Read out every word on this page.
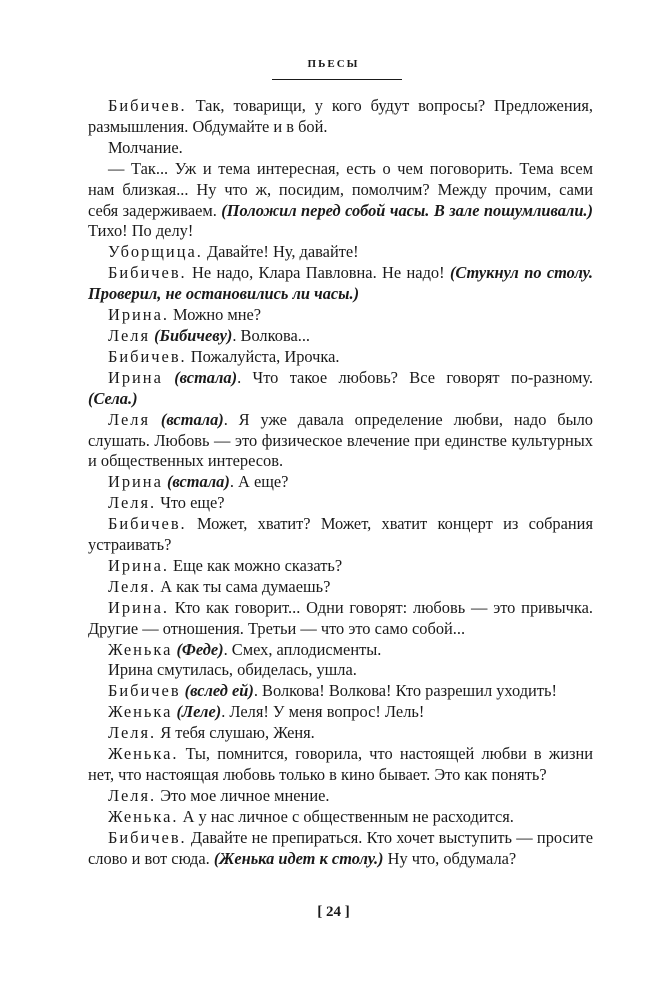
ПЬЕСЫ

Бибичев. Так, товарищи, у кого будут вопросы? Предложения, размышления. Обдумайте и в бой.

Молчание.

— Так... Уж и тема интересная, есть о чем поговорить. Тема всем нам близкая... Ну что ж, посидим, помолчим? Между прочим, сами себя задерживаем. (Положил перед собой часы. В зале пошумливали.) Тихо! По делу!

Уборщица. Давайте! Ну, давайте!

Бибичев. Не надо, Клара Павловна. Не надо! (Стукнул по столу. Проверил, не остановились ли часы.)

Ирина. Можно мне?

Леля (Бибичеву). Волкова...

Бибичев. Пожалуйста, Ирочка.

Ирина (встала). Что такое любовь? Все говорят по-разному. (Села.)

Леля (встала). Я уже давала определение любви, надо было слушать. Любовь — это физическое влечение при единстве культурных и общественных интересов.

Ирина (встала). А еще?

Леля. Что еще?

Бибичев. Может, хватит? Может, хватит концерт из собрания устраивать?

Ирина. Еще как можно сказать?

Леля. А как ты сама думаешь?

Ирина. Кто как говорит... Одни говорят: любовь — это привычка. Другие — отношения. Третьи — что это само собой...

Женька (Феде). Смех, аплодисменты.

Ирина смутилась, обиделась, ушла.

Бибичев (вслед ей). Волкова! Волкова! Кто разрешил уходить!

Женька (Леле). Леля! У меня вопрос! Лель!

Леля. Я тебя слушаю, Женя.

Женька. Ты, помнится, говорила, что настоящей любви в жизни нет, что настоящая любовь только в кино бывает. Это как понять?

Леля. Это мое личное мнение.

Женька. А у нас личное с общественным не расходится.

Бибичев. Давайте не препираться. Кто хочет выступить — просите слово и вот сюда. (Женька идет к столу.) Ну что, обдумала?

[ 24 ]
